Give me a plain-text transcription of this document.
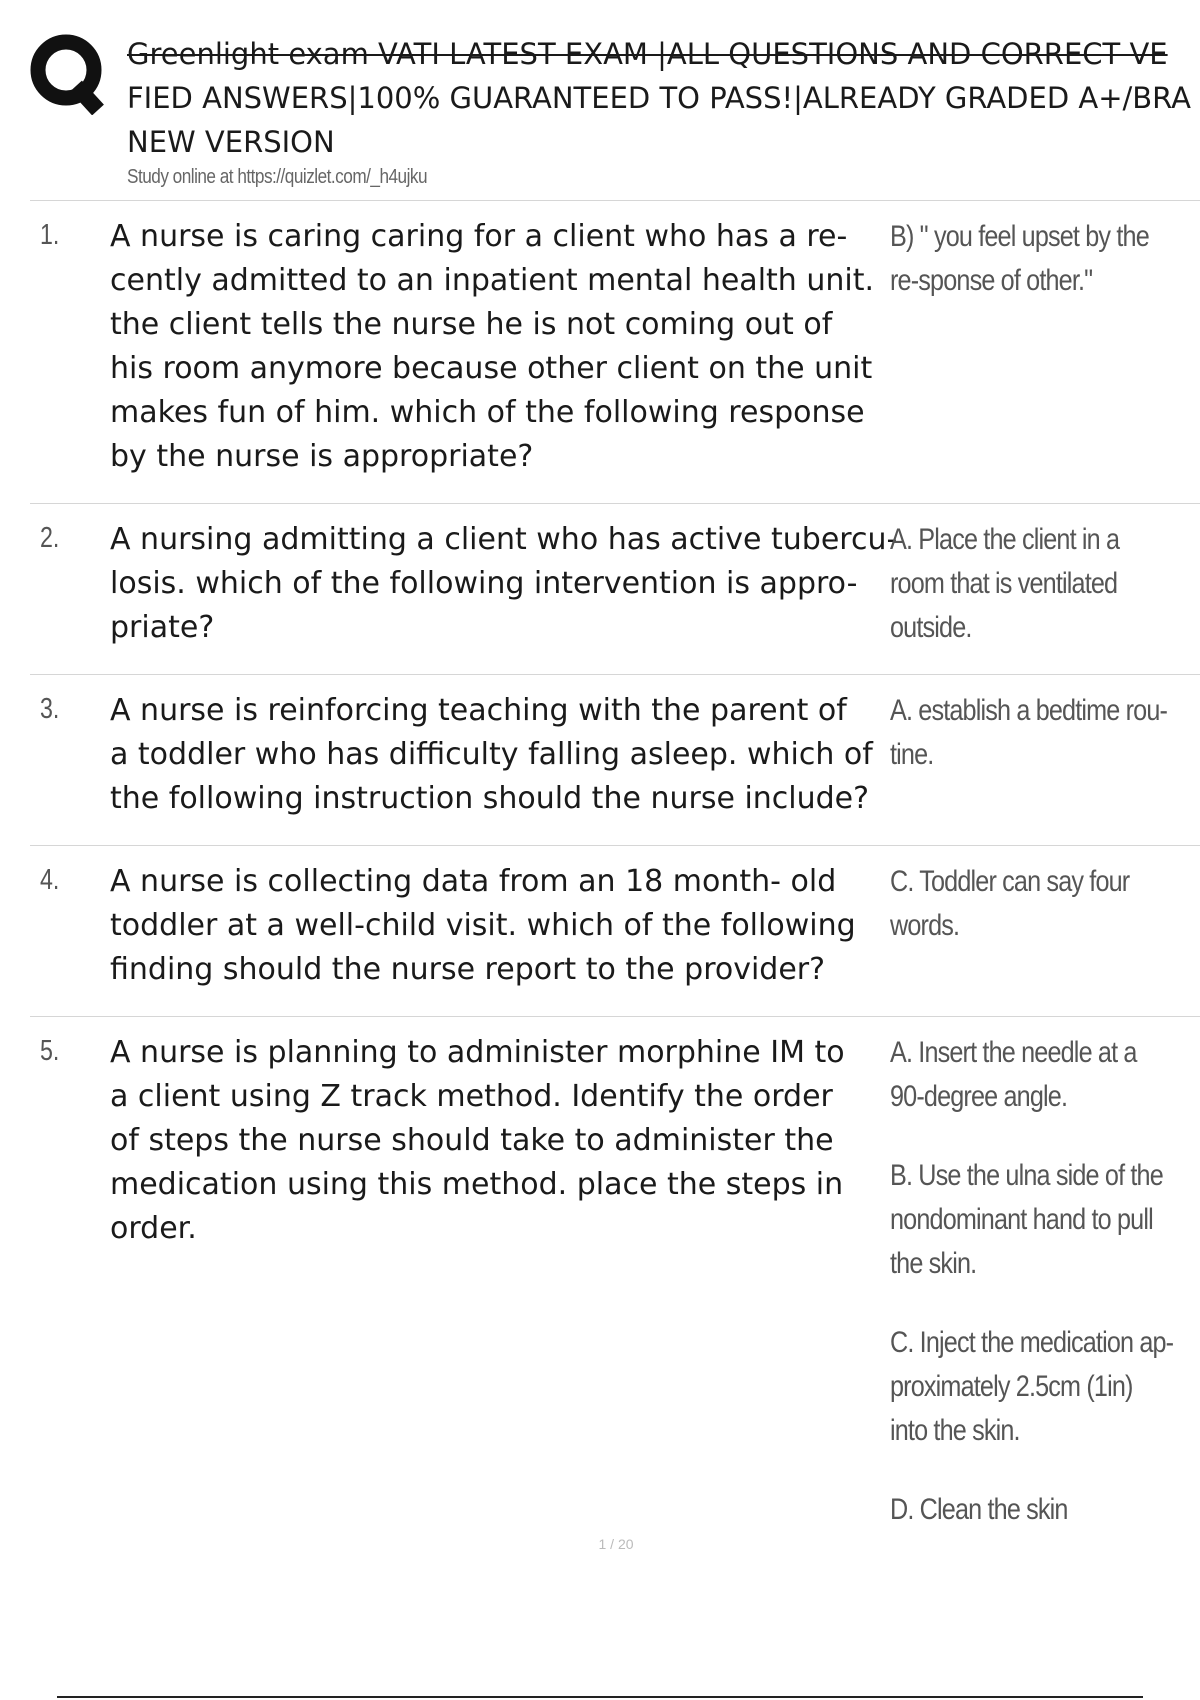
Greenlight exam VATI LATEST EXAM |ALL QUESTIONS AND CORRECT VE
FIED ANSWERS|100% GUARANTEED TO PASS!|ALREADY GRADED A+/BRA
NEW VERSION
Study online at https://quizlet.com/_h4ujku
1. A nurse is caring caring for a client who has a re-
cently admitted to an inpatient mental health unit.
the client tells the nurse he is not coming out of
his room anymore because other client on the unit
makes fun of him. which of the following response
by the nurse is appropriate?
B) " you feel upset by the re-sponse of other."
2. A nursing admitting a client who has active tubercu-
losis. which of the following intervention is appro-
priate?
A. Place the client in a room that is ventilated outside.
3. A nurse is reinforcing teaching with the parent of
a toddler who has difficulty falling asleep. which of
the following instruction should the nurse include?
A. establish a bedtime rou-tine.
4. A nurse is collecting data from an 18 month- old
toddler at a well-child visit. which of the following
finding should the nurse report to the provider?
C. Toddler can say four words.
5. A nurse is planning to administer morphine IM to
a client using Z track method. Identify the order
of steps the nurse should take to administer the
medication using this method. place the steps in
order.
A. Insert the needle at a 90-degree angle.
B. Use the ulna side of the nondominant hand to pull the skin.
C. Inject the medication ap-proximately 2.5cm (1in) into the skin.
D. Clean the skin
1 / 20
